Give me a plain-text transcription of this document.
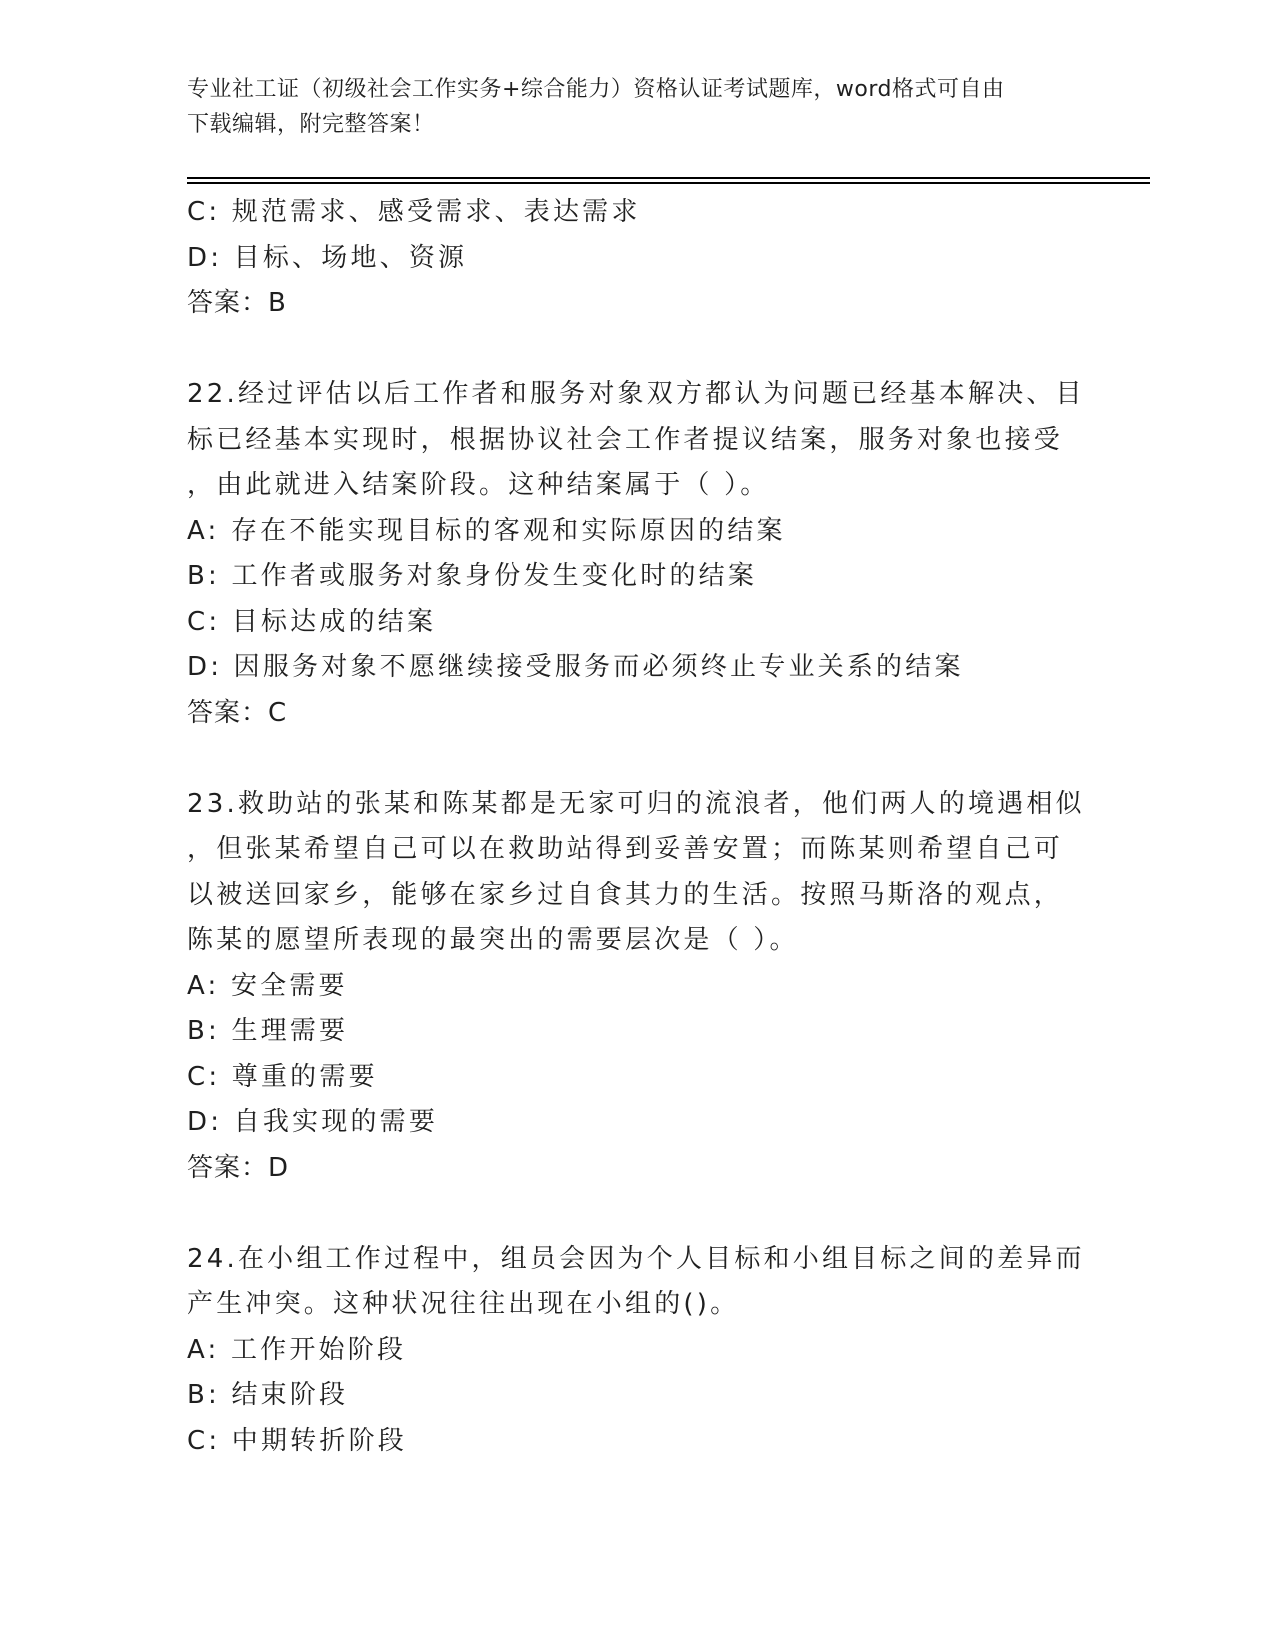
专业社工证（初级社会工作实务+综合能力）资格认证考试题库，word格式可自由
下载编辑，附完整答案！
C: 规范需求、感受需求、表达需求
D: 目标、场地、资源
答案：B
22.经过评估以后工作者和服务对象双方都认为问题已经基本解决、目
标已经基本实现时，根据协议社会工作者提议结案，服务对象也接受
，由此就进入结案阶段。这种结案属于（ ）。
A: 存在不能实现目标的客观和实际原因的结案
B: 工作者或服务对象身份发生变化时的结案
C: 目标达成的结案
D: 因服务对象不愿继续接受服务而必须终止专业关系的结案
答案：C
23.救助站的张某和陈某都是无家可归的流浪者，他们两人的境遇相似
，但张某希望自己可以在救助站得到妥善安置；而陈某则希望自己可
以被送回家乡，能够在家乡过自食其力的生活。按照马斯洛的观点，
陈某的愿望所表现的最突出的需要层次是（ ）。
A: 安全需要
B: 生理需要
C: 尊重的需要
D: 自我实现的需要
答案：D
24.在小组工作过程中，组员会因为个人目标和小组目标之间的差异而
产生冲突。这种状况往往出现在小组的()。
A: 工作开始阶段
B: 结束阶段
C: 中期转折阶段
